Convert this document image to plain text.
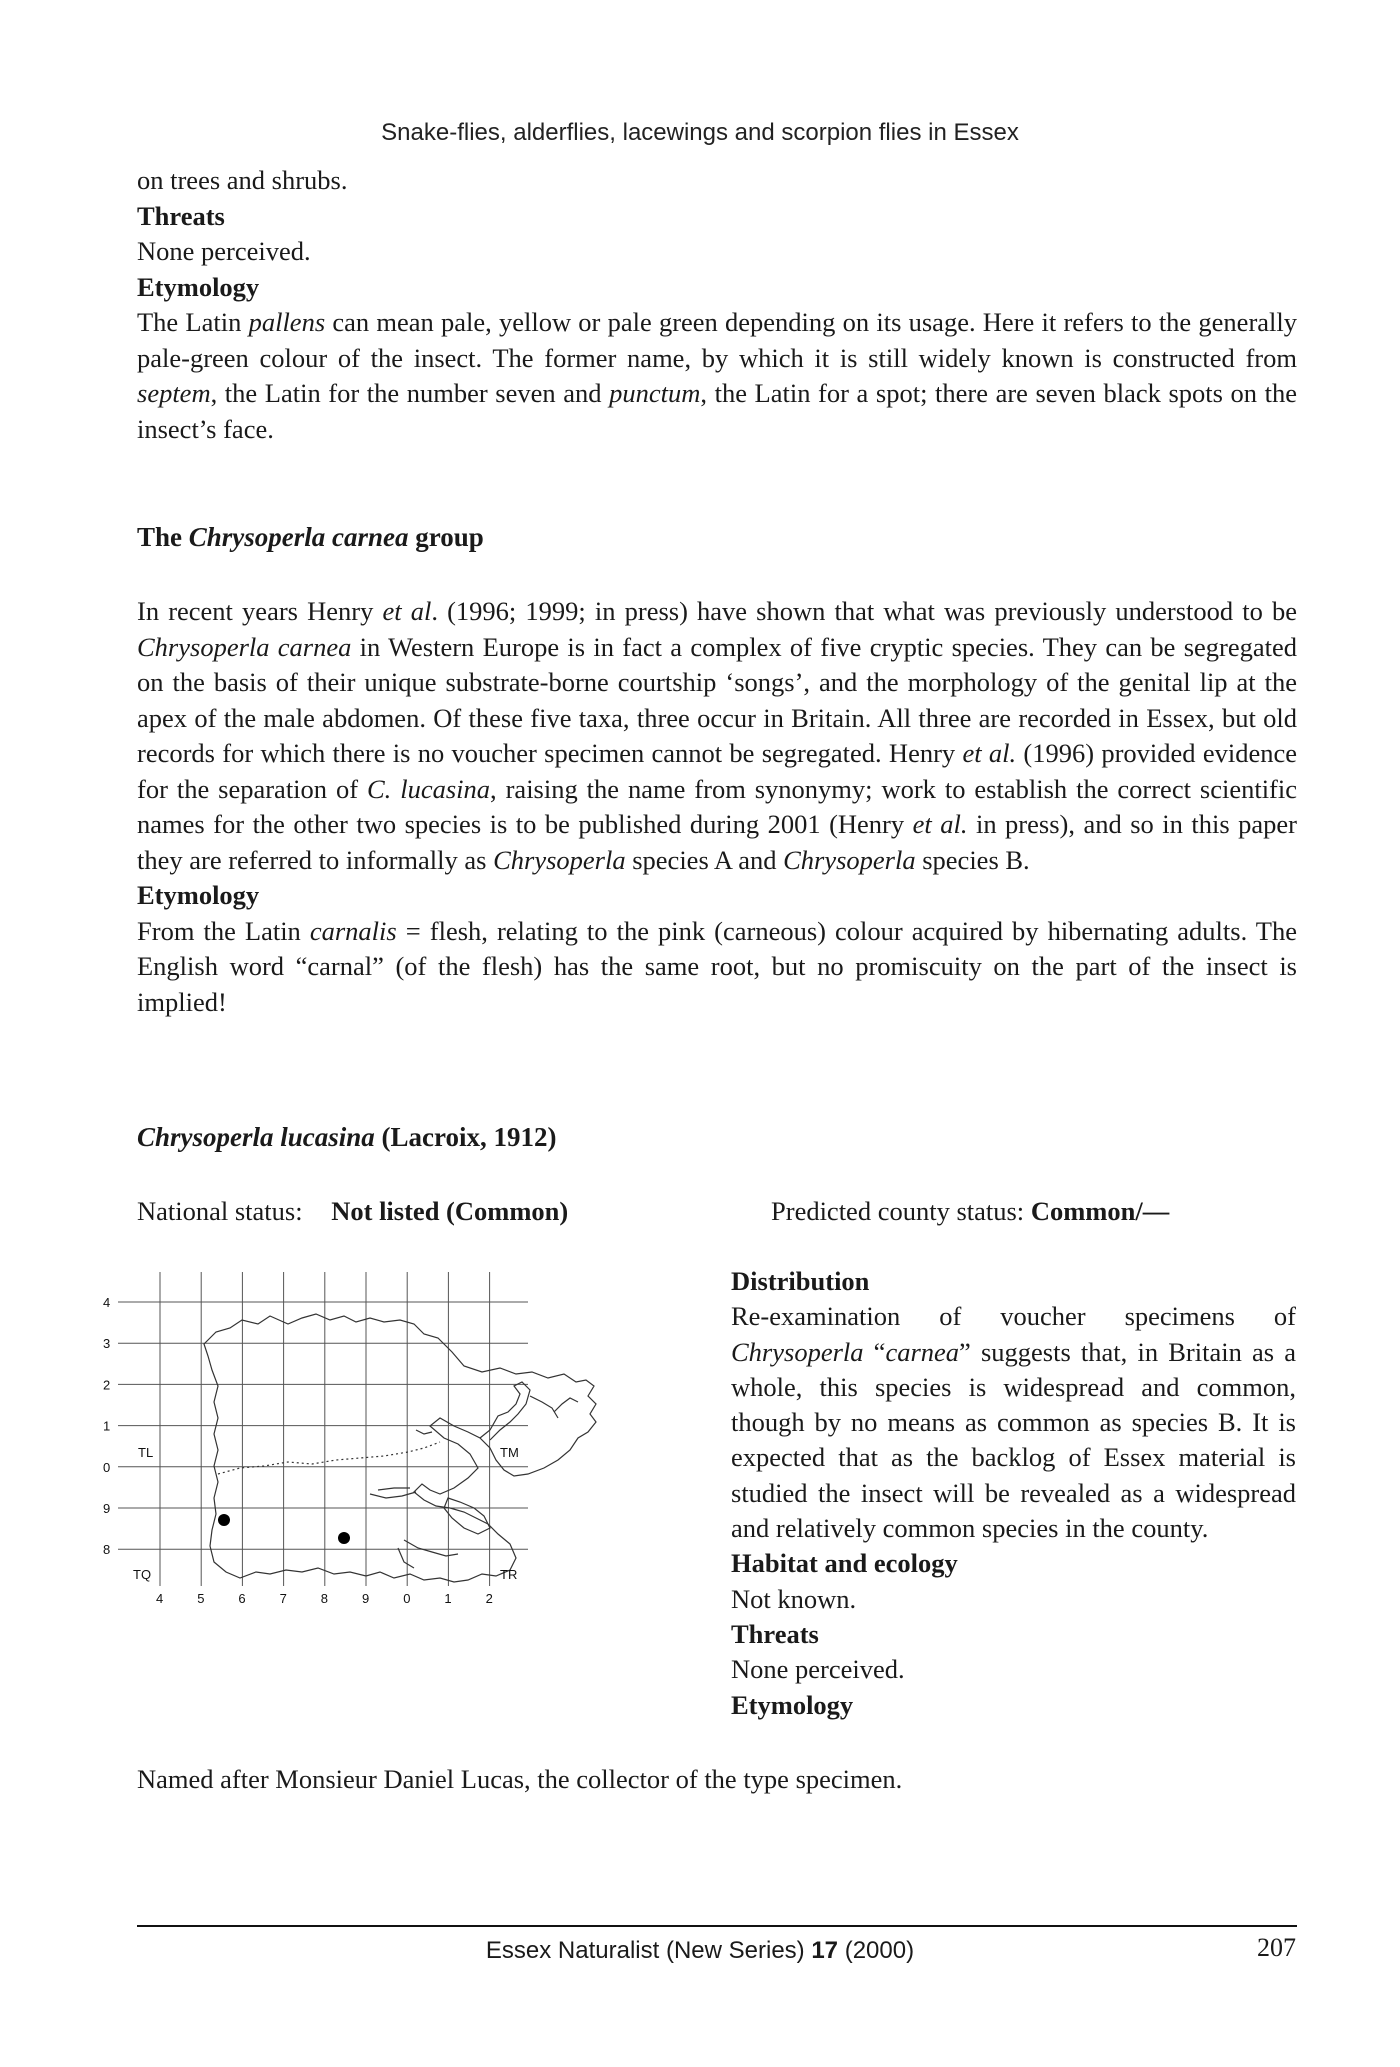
Snake-flies, alderflies, lacewings and scorpion flies in Essex

on trees and shrubs.

Threats

None perceived.

Etymology

The Latin pallens can mean pale, yellow or pale green depending on its usage. Here it refers to the generally pale-green colour of the insect. The former name, by which it is still widely known is constructed from septem, the Latin for the number seven and punctum, the Latin for a spot; there are seven black spots on the insect’s face.

The Chrysoperla carnea group

In recent years Henry et al. (1996; 1999; in press) have shown that what was previously understood to be Chrysoperla carnea in Western Europe is in fact a complex of five cryptic species. They can be segregated on the basis of their unique substrate-borne courtship ‘songs’, and the morphology of the genital lip at the apex of the male abdomen. Of these five taxa, three occur in Britain. All three are recorded in Essex, but old records for which there is no voucher specimen cannot be segregated. Henry et al. (1996) provided evidence for the separation of C. lucasina, raising the name from synonymy; work to establish the correct scientific names for the other two species is to be published during 2001 (Henry et al. in press), and so in this paper they are referred to informally as Chrysoperla species A and Chrysoperla species B.

Etymology

From the Latin carnalis = flesh, relating to the pink (carneous) colour acquired by hibernating adults. The English word “carnal” (of the flesh) has the same root, but no promiscuity on the part of the insect is implied!

Chrysoperla lucasina (Lacroix, 1912)
National status: Not listed (Common)	Predicted county status: Common/—
4
3
2
1
0
9
8
4	5	6	7	8	9	0	1	2
TL	TM
TQ	TR

Distribution

Re-examination of voucher specimens of Chrysoperla “carnea” suggests that, in Britain as a whole, this species is widespread and common, though by no means as common as species B. It is expected that as the backlog of Essex material is studied the insect will be revealed as a widespread and relatively common species in the county.

Habitat and ecology

Not known.

Threats

None perceived.

Etymology

Named after Monsieur Daniel Lucas, the collector of the type specimen.
Essex Naturalist (New Series) 17 (2000)	207
